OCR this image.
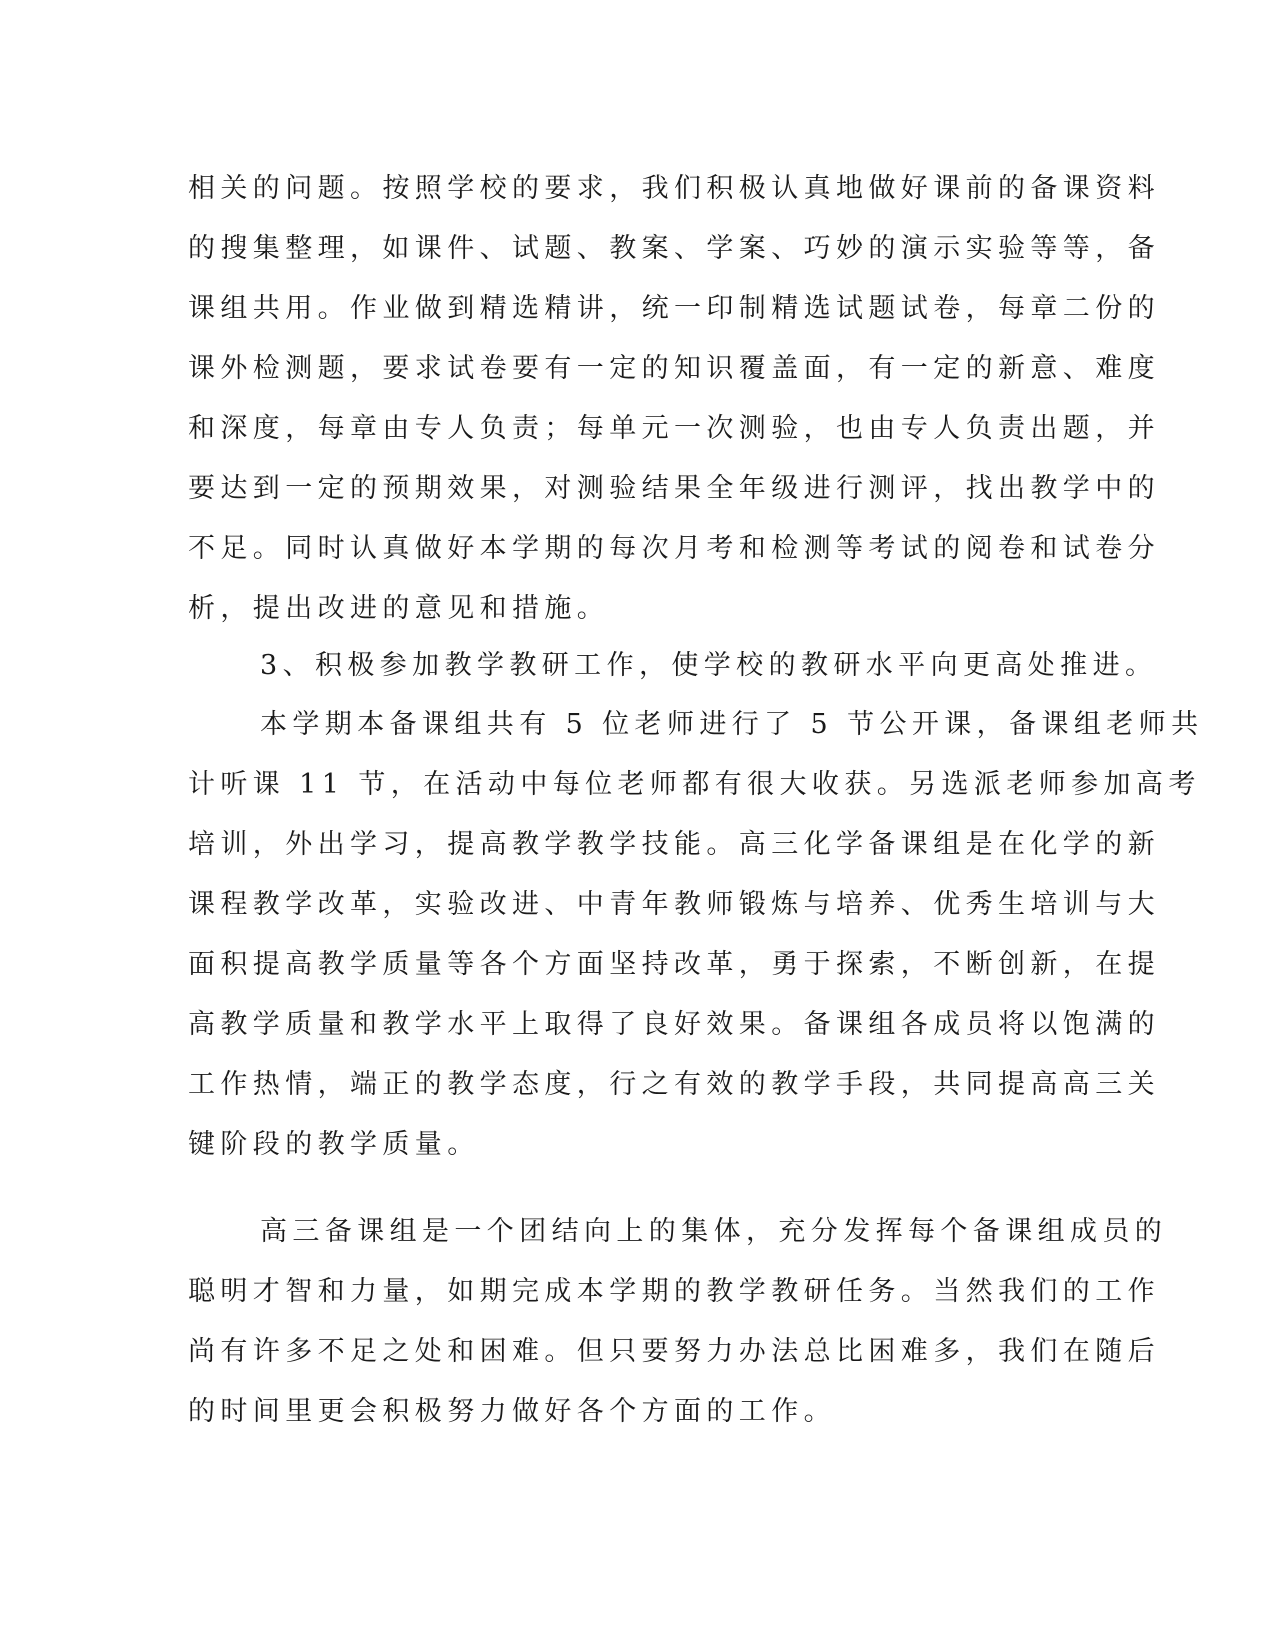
相关的问题。按照学校的要求，我们积极认真地做好课前的备课资料
的搜集整理，如课件、试题、教案、学案、巧妙的演示实验等等，备
课组共用。作业做到精选精讲，统一印制精选试题试卷，每章二份的
课外检测题，要求试卷要有一定的知识覆盖面，有一定的新意、难度
和深度，每章由专人负责；每单元一次测验，也由专人负责出题，并
要达到一定的预期效果，对测验结果全年级进行测评，找出教学中的
不足。同时认真做好本学期的每次月考和检测等考试的阅卷和试卷分
析，提出改进的意见和措施。
3、积极参加教学教研工作，使学校的教研水平向更高处推进。
本学期本备课组共有 5 位老师进行了 5 节公开课，备课组老师共
计听课 11 节，在活动中每位老师都有很大收获。另选派老师参加高考
培训，外出学习，提高教学教学技能。高三化学备课组是在化学的新
课程教学改革，实验改进、中青年教师锻炼与培养、优秀生培训与大
面积提高教学质量等各个方面坚持改革，勇于探索，不断创新，在提
高教学质量和教学水平上取得了良好效果。备课组各成员将以饱满的
工作热情，端正的教学态度，行之有效的教学手段，共同提高高三关
键阶段的教学质量。
高三备课组是一个团结向上的集体，充分发挥每个备课组成员的
聪明才智和力量，如期完成本学期的教学教研任务。当然我们的工作
尚有许多不足之处和困难。但只要努力办法总比困难多，我们在随后
的时间里更会积极努力做好各个方面的工作。
